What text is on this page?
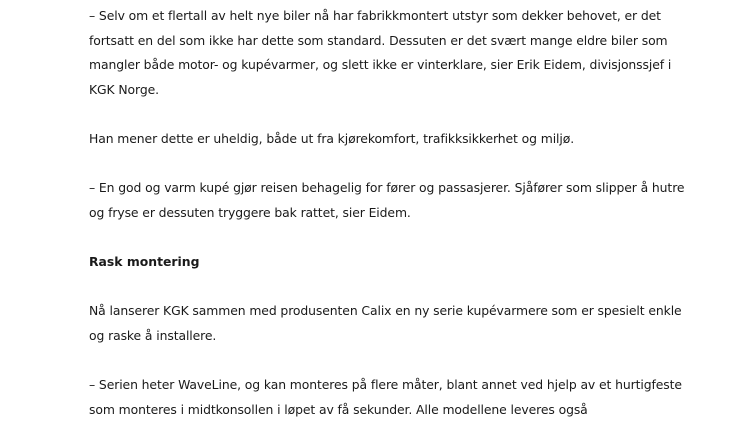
– Selv om et flertall av helt nye biler nå har fabrikkmontert utstyr som dekker behovet, er det fortsatt en del som ikke har dette som standard. Dessuten er det svært mange eldre biler som mangler både motor- og kupévarmer, og slett ikke er vinterklare, sier Erik Eidem, divisjonssjef i KGK Norge.

Han mener dette er uheldig, både ut fra kjørekomfort, trafikksikkerhet og miljø.

– En god og varm kupé gjør reisen behagelig for fører og passasjerer. Sjåfører som slipper å hutre og fryse er dessuten tryggere bak rattet, sier Eidem.

Rask montering

Nå lanserer KGK sammen med produsenten Calix en ny serie kupévarmere som er spesielt enkle og raske å installere.

– Serien heter WaveLine, og kan monteres på flere måter, blant annet ved hjelp av et hurtigfeste som monteres i midtkonsollen i løpet av få sekunder. Alle modellene leveres også
